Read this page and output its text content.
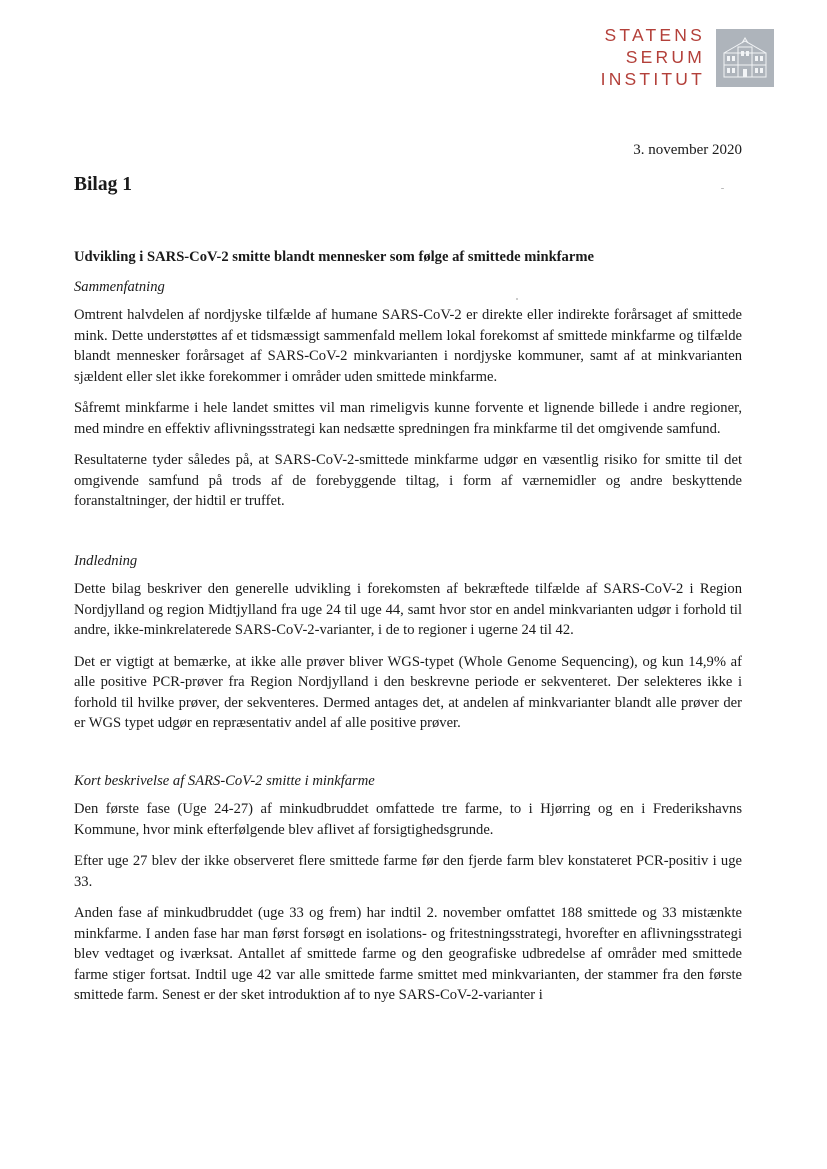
STATENS
SERUM
INSTITUT
3. november 2020
Bilag 1
Udvikling i SARS-CoV-2 smitte blandt mennesker som følge af smittede minkfarme
Sammenfatning

Omtrent halvdelen af nordjyske tilfælde af humane SARS-CoV-2 er direkte eller indirekte forårsaget af smittede mink. Dette understøttes af et tidsmæssigt sammenfald mellem lokal forekomst af smittede minkfarme og tilfælde blandt mennesker forårsaget af SARS-CoV-2 minkvarianten i nordjyske kommuner, samt af at minkvarianten sjældent eller slet ikke forekommer i områder uden smittede minkfarme.

Såfremt minkfarme i hele landet smittes vil man rimeligvis kunne forvente et lignende billede i andre regioner, med mindre en effektiv aflivningsstrategi kan nedsætte spredningen fra minkfarme til det omgivende samfund.

Resultaterne tyder således på, at SARS-CoV-2-smittede minkfarme udgør en væsentlig risiko for smitte til det omgivende samfund på trods af de forebyggende tiltag, i form af værnemidler og andre beskyttende foranstaltninger, der hidtil er truffet.

Indledning

Dette bilag beskriver den generelle udvikling i forekomsten af bekræftede tilfælde af SARS-CoV-2 i Region Nordjylland og region Midtjylland fra uge 24 til uge 44, samt hvor stor en andel minkvarianten udgør i forhold til andre, ikke-minkrelaterede SARS-CoV-2-varianter, i de to regioner i ugerne 24 til 42.

Det er vigtigt at bemærke, at ikke alle prøver bliver WGS-typet (Whole Genome Sequencing), og kun 14,9% af alle positive PCR-prøver fra Region Nordjylland i den beskrevne periode er sekventeret. Der selekteres ikke i forhold til hvilke prøver, der sekventeres. Dermed antages det, at andelen af minkvarianter blandt alle prøver der er WGS typet udgør en repræsentativ andel af alle positive prøver.

Kort beskrivelse af SARS-CoV-2 smitte i minkfarme

Den første fase (Uge 24-27) af minkudbruddet omfattede tre farme, to i Hjørring og en i Frederikshavns Kommune, hvor mink efterfølgende blev aflivet af forsigtighedsgrunde.

Efter uge 27 blev der ikke observeret flere smittede farme før den fjerde farm blev konstateret PCR-positiv i uge 33.

Anden fase af minkudbruddet (uge 33 og frem) har indtil 2. november omfattet 188 smittede og 33 mistænkte minkfarme. I anden fase har man først forsøgt en isolations- og fritestningsstrategi, hvorefter en aflivningsstrategi blev vedtaget og iværksat. Antallet af smittede farme og den geografiske udbredelse af områder med smittede farme stiger fortsat. Indtil uge 42 var alle smittede farme smittet med minkvarianten, der stammer fra den første smittede farm. Senest er der sket introduktion af to nye SARS-CoV-2-varianter i
